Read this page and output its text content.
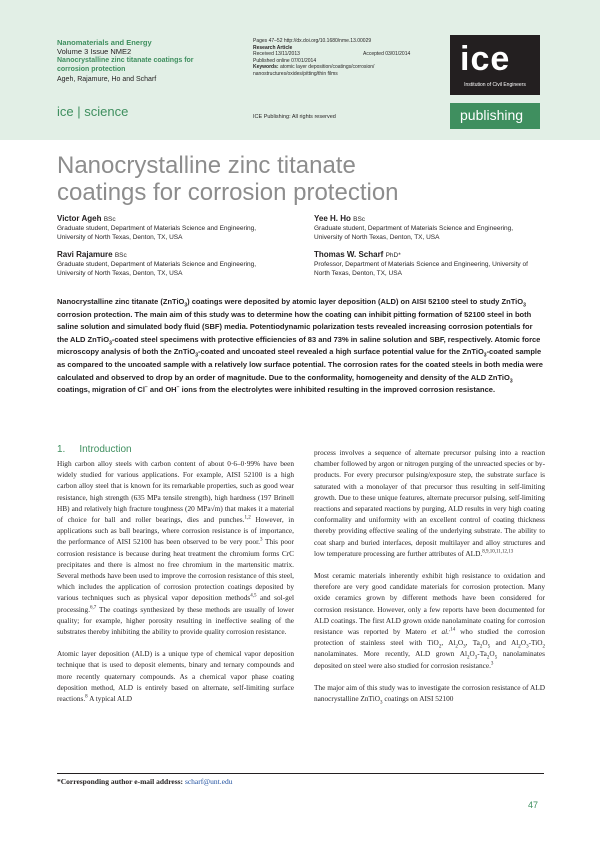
Nanomaterials and Energy
Volume 3 Issue NME2
Nanocrystalline zinc titanate coatings for
corrosion protection
Ageh, Rajamure, Ho and Scharf
Pages 47–52 http://dx.doi.org/10.1680/nme.13.00029
Research Article
Received 13/11/2013	Accepted 03/01/2014
Published online 07/01/2014
Keywords: atomic layer deposition/coatings/corrosion/
nanostructures/oxides/pitting/thin films	ice
Institution of Civil Engineers
publishing
ice | science	ICE Publishing: All rights reserved
Nanocrystalline zinc titanate
coatings for corrosion protection
Victor Ageh BSc
Graduate student, Department of Materials Science and Engineering,
University of North Texas, Denton, TX, USA
Ravi Rajamure BSc
Graduate student, Department of Materials Science and Engineering,
University of North Texas, Denton, TX, USA
Yee H. Ho BSc
Graduate student, Department of Materials Science and Engineering,
University of North Texas, Denton, TX, USA
Thomas W. Scharf PhD*
Professor, Department of Materials Science and Engineering, University of
North Texas, Denton, TX, USA
Nanocrystalline zinc titanate (ZnTiO$_3$) coatings were deposited by atomic layer deposition (ALD) on AISI 52100 steel to study ZnTiO$_3$ corrosion protection. The main aim of this study was to determine how the coating can inhibit pitting formation of 52100 steel in both saline solution and simulated body fluid (SBF) media. Potentiodynamic polarization tests revealed increasing corrosion potentials for the ALD ZnTiO$_3$-coated steel specimens with protective efficiencies of 83 and 73% in saline solution and SBF, respectively. Atomic force microscopy analysis of both the ZnTiO$_3$-coated and uncoated steel revealed a high surface potential value for the ZnTiO$_3$-coated sample as compared to the uncoated sample with a relatively low surface potential. The corrosion rates for the coated steels in both media were calculated and observed to drop by an order of magnitude. Due to the conformality, homogeneity and density of the ALD ZnTiO$_3$ coatings, migration of Cl− and OH− ions from the electrolytes were inhibited resulting in the improved corrosion resistance.
1. Introduction

High carbon alloy steels with carbon content of about 0·6–0·99% have been widely studied for various applications. For example, AISI 52100 is a high carbon alloy steel that is known for its remarkable properties, such as good wear resistance, high strength (635 MPa tensile strength), high hardness (197 Brinell HB) and relatively high fracture toughness (20 MPa√m) that makes it a material of choice for ball and roller bearings, dies and punches.$^{1,2}$ However, in applications such as ball bearings, where corrosion resistance is of importance, the performance of AISI 52100 has been observed to be very poor.$^3$ This poor corrosion resistance is because during heat treatment the chromium forms CrC precipitates and there is almost no free chromium in the martensitic matrix. Several methods have been used to improve the corrosion resistance of this steel, which includes the application of corrosion protection coatings deposited by various techniques such as physical vapor deposition methods$^{4,5}$ and sol-gel processing.$^{6,7}$ The coatings synthesized by these methods are usually of lower quality; for example, higher porosity resulting in ineffective sealing of the substrates thereby inhibiting the ability to provide quality corrosion resistance.

Atomic layer deposition (ALD) is a unique type of chemical vapor deposition technique that is used to deposit elements, binary and ternary compounds and more recently quaternary compounds. As a chemical vapor phase coating deposition method, ALD is entirely based on alternate, self-limiting surface reactions.$^8$ A typical ALD

process involves a sequence of alternate precursor pulsing into a reaction chamber followed by argon or nitrogen purging of the unreacted species or by-products. For every precursor pulsing/exposure step, the substrate surface is saturated with a monolayer of that precursor thus resulting in self-limiting growth. Due to these unique features, alternate precursor pulsing, self-limiting reactions and separated reactions by purging, ALD results in very high coating conformality and uniformity with an excellent control of coating thickness thereby providing effective sealing of the underlying substrate. The ability to coat sharp and buried interfaces, deposit multilayer and alloy structures and low temperature processing are further attributes of ALD.$^{8,9,10,11,12,13}$

Most ceramic materials inherently exhibit high resistance to oxidation and therefore are very good candidate materials for corrosion protection. Many oxide ceramics grown by different methods have been considered for corrosion resistance. However, only a few reports have been documented for ALD coatings. The first ALD grown oxide nanolaminate coating for corrosion resistance was reported by Matero et al.$^{,14}$ who studied the corrosion protection of stainless steel with TiO$_2$, $Al_2O_3$, $Ta_2O_5$ and $Al_2O_3-TiO_2$ nanolaminates. More recently, ALD grown $Al_2O_3-Ta_2O_5$ nanolaminates deposited on steel were also studied for corrosion resistance.$^3$

The major aim of this study was to investigate the corrosion resistance of ALD nanocrystalline ZnTiO$_3$ coatings on AISI 52100

*Corresponding author e-mail address: scharf@unt.edu
47
